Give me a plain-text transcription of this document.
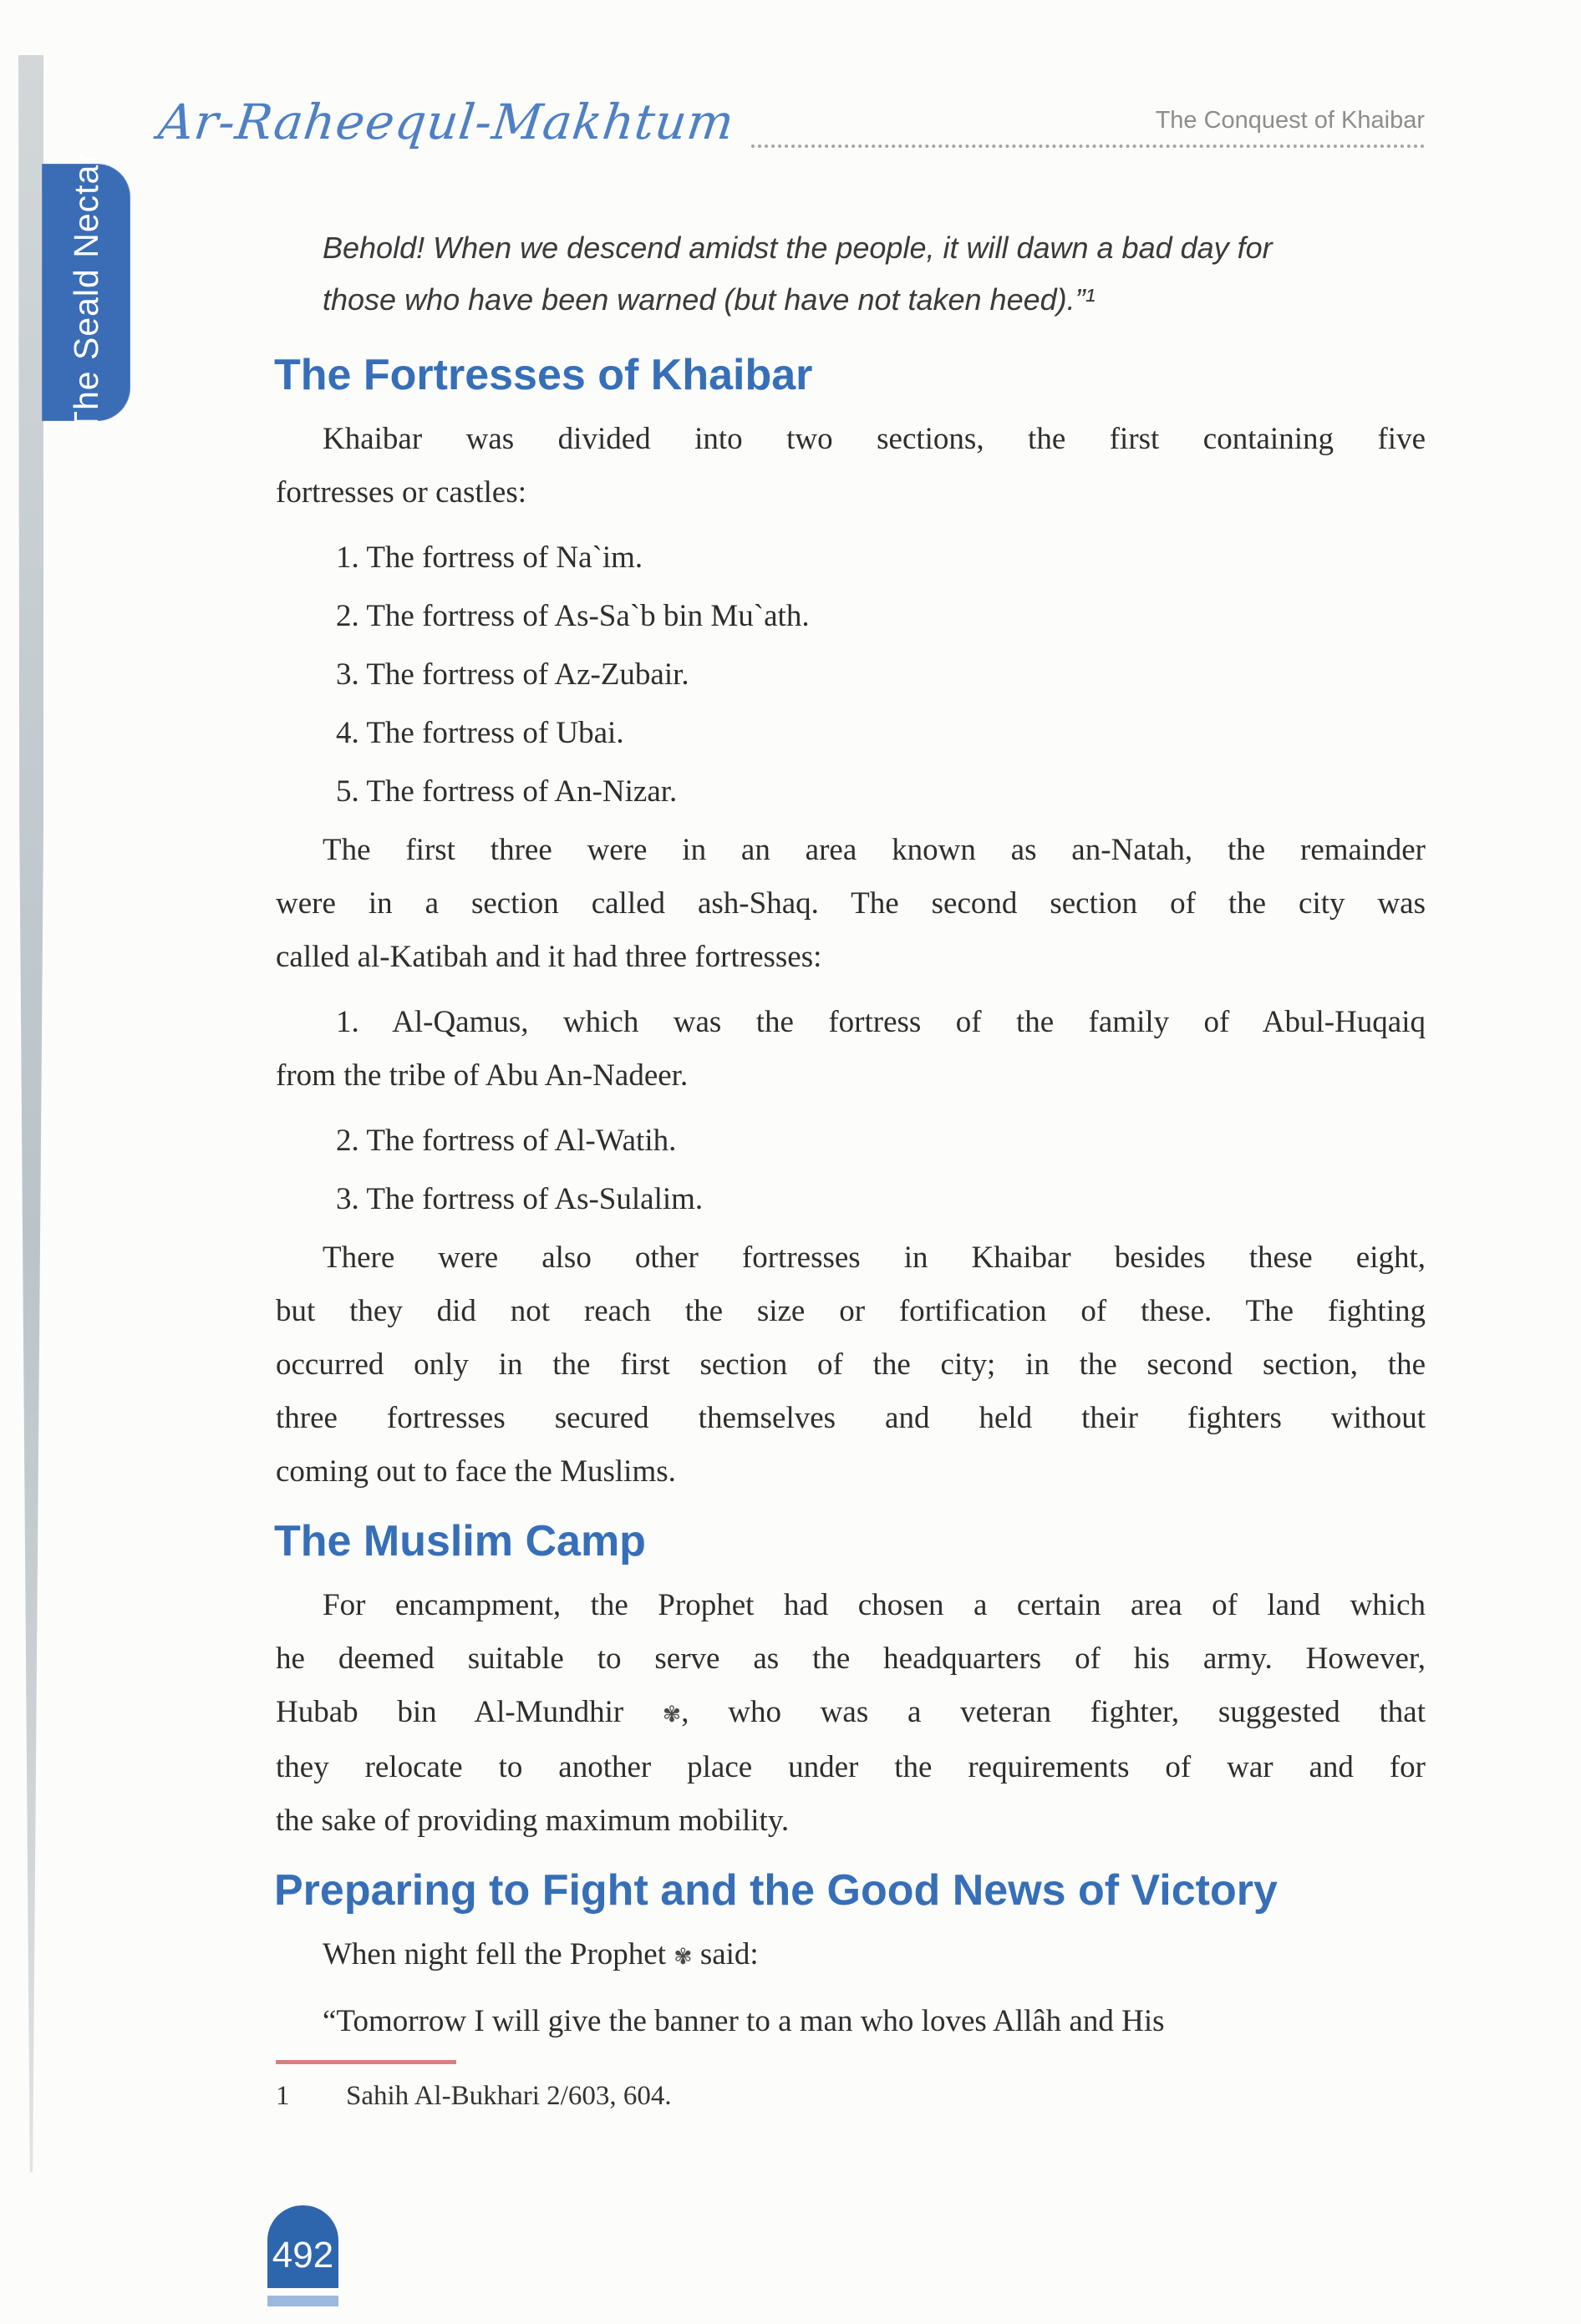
The Seald Nectar
Ar-Raheequl-Makhtum	The Conquest of Khaibar
Behold! When we descend amidst the people, it will dawn a bad day for
those who have been warned (but have not taken heed).”¹
The Fortresses of Khaibar
Khaibar was divided into two sections, the first containing five
fortresses or castles:
1. The fortress of Na`im.
2. The fortress of As-Sa`b bin Mu`ath.
3. The fortress of Az-Zubair.
4. The fortress of Ubai.
5. The fortress of An-Nizar.
The first three were in an area known as an-Natah, the remainder
were in a section called ash-Shaq. The second section of the city was
called al-Katibah and it had three fortresses:
1. Al-Qamus, which was the fortress of the family of Abul-Huqaiq
from the tribe of Abu An-Nadeer.
2. The fortress of Al-Watih.
3. The fortress of As-Sulalim.
There were also other fortresses in Khaibar besides these eight,
but they did not reach the size or fortification of these. The fighting
occurred only in the first section of the city; in the second section, the
three fortresses secured themselves and held their fighters without
coming out to face the Muslims.
The Muslim Camp
For encampment, the Prophet had chosen a certain area of land which
he deemed suitable to serve as the headquarters of his army. However,
Hubab bin Al-Mundhir ✾, who was a veteran fighter, suggested that
they relocate to another place under the requirements of war and for
the sake of providing maximum mobility.
Preparing to Fight and the Good News of Victory
When night fell the Prophet ✾ said:
“Tomorrow I will give the banner to a man who loves Allâh and His
1 Sahih Al-Bukhari 2/603, 604.
492
